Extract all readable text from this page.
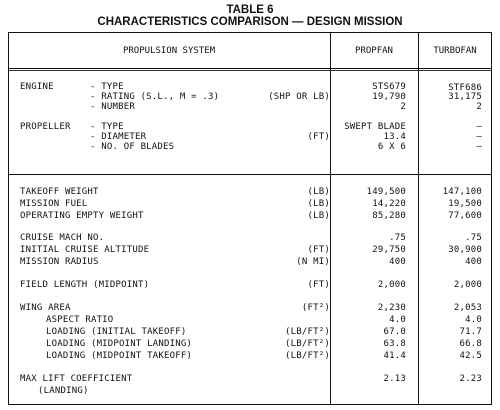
TABLE 6
CHARACTERISTICS COMPARISON — DESIGN MISSION
PROPULSION SYSTEM	PROPFAN	TURBOFAN
ENGINE	- TYPE	STS679	STF686
- RATING (S.L., M = .3)	(SHP OR LB)	19,790	31,175
- NUMBER	2	2
PROPELLER - TYPE	SWEPT BLADE	–
- DIAMETER	(FT)	13.4	–
- NO. OF BLADES	6 X 6	–
TAKEOFF WEIGHT	(LB)	149,500	147,100
MISSION FUEL	(LB)	14,220	19,500
OPERATING EMPTY WEIGHT	(LB)	85,280	77,600
CRUISE MACH NO.	.75	.75
INITIAL CRUISE ALTITUDE	(FT)	29,750	30,900
MISSION RADIUS	(N MI)	400	400
FIELD LENGTH (MIDPOINT)	(FT)	2,000	2,000
WING AREA	(FT²)	2,230	2,053
ASPECT RATIO	4.0	4.0
LOADING (INITIAL TAKEOFF)	(LB/FT²)	67.0	71.7
LOADING (MIDPOINT LANDING)	(LB/FT²)	63.8	66.8
LOADING (MIDPOINT TAKEOFF)	(LB/FT²)	41.4	42.5
MAX LIFT COEFFICIENT	2.13	2.23
(LANDING)
